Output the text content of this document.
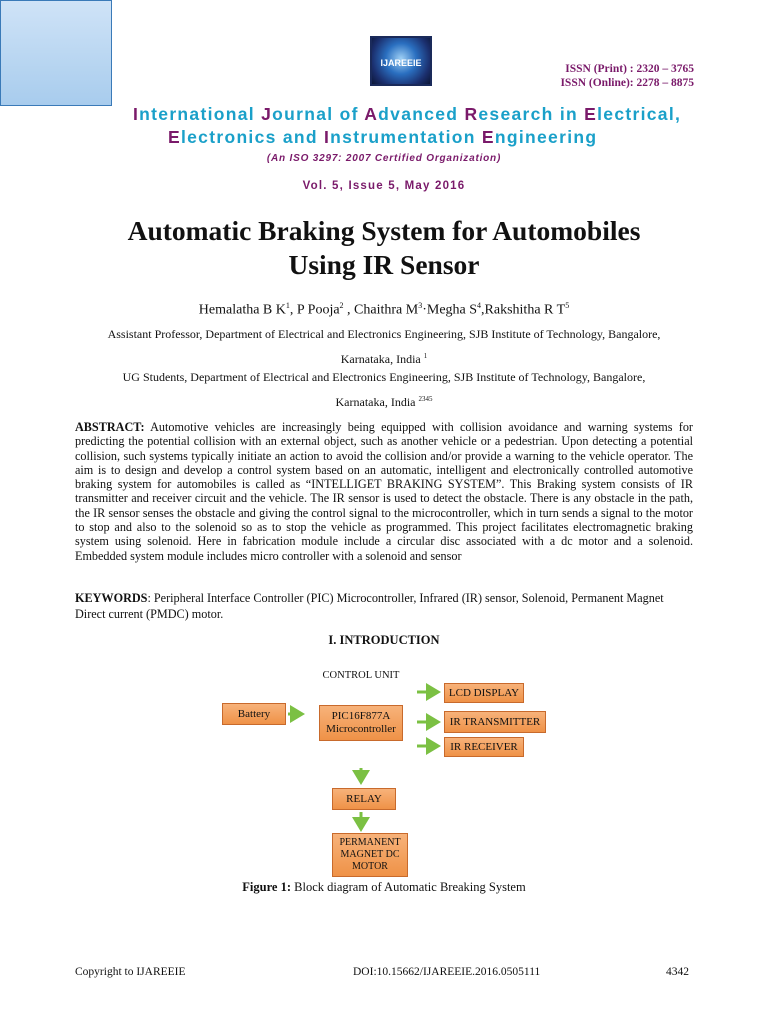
IJAREEIE	ISSN (Print) : 2320 – 3765
ISSN (Online): 2278 – 8875
International Journal of Advanced Research in Electrical,
Electronics and Instrumentation Engineering
(An ISO 3297: 2007 Certified Organization)
Vol. 5, Issue 5, May 2016
Automatic Braking System for Automobiles
Using IR Sensor
Hemalatha B $K^1$, P Pooja$^2$ , Chaithra $M^3\cdot Megha$ $S^4,Rakshitha$ R $T^5$
Assistant Professor, Department of Electrical and Electronics Engineering, SJB Institute of Technology, Bangalore,
Karnataka, India $^1$
UG Students, Department of Electrical and Electronics Engineering, SJB Institute of Technology, Bangalore,
Karnataka, India $^{2345}$
ABSTRACT: Automotive vehicles are increasingly being equipped with collision avoidance and warning systems for predicting the potential collision with an external object, such as another vehicle or a pedestrian. Upon detecting a potential collision, such systems typically initiate an action to avoid the collision and/or provide a warning to the vehicle operator. The aim is to design and develop a control system based on an automatic, intelligent and electronically controlled automotive braking system for automobiles is called as “INTELLIGET BRAKING SYSTEM”. This Braking system consists of IR transmitter and receiver circuit and the vehicle. The IR sensor is used to detect the obstacle. There is any obstacle in the path, the IR sensor senses the obstacle and giving the control signal to the microcontroller, which in turn sends a signal to the motor to stop and also to the solenoid so as to stop the vehicle as programmed. This project facilitates electromagnetic braking system using solenoid. Here in fabrication module include a circular disc associated with a dc motor and a solenoid. Embedded system module includes micro controller with a solenoid and sensor
KEYWORDS: Peripheral Interface Controller (PIC) Microcontroller, Infrared (IR) sensor, Solenoid, Permanent Magnet Direct current (PMDC) motor.
I. INTRODUCTION
CONTROL UNIT
Battery	PIC16F877A
Microcontroller
LCD DISPLAY
IR TRANSMITTER
IR RECEIVER
RELAY
PERMANENT
MAGNET DC
MOTOR
Figure 1: Block diagram of Automatic Breaking System
Copyright to IJAREEIE	DOI:10.15662/IJAREEIE.2016.0505111	4342
